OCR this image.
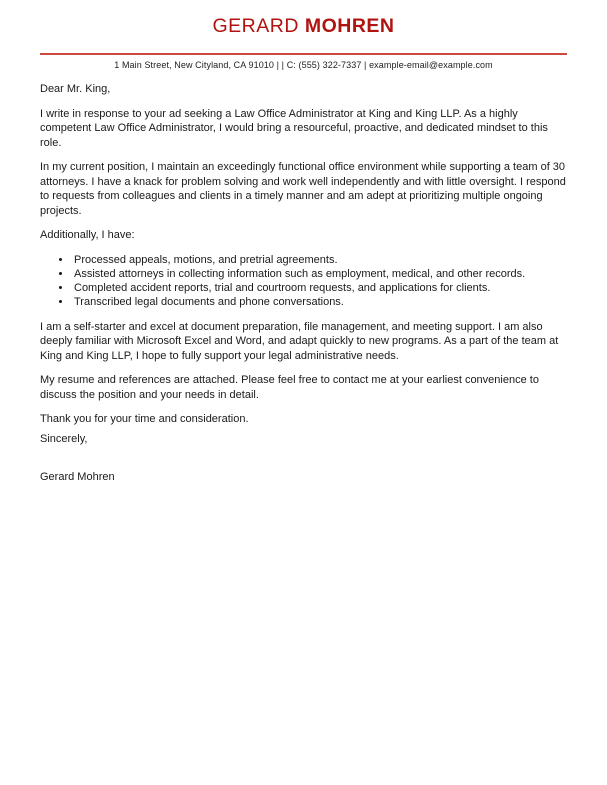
GERARD MOHREN

1 Main Street, New Cityland, CA 91010 | | C: (555) 322-7337 | example-email@example.com

Dear Mr. King,

I write in response to your ad seeking a Law Office Administrator at King and King LLP. As a highly competent Law Office Administrator, I would bring a resourceful, proactive, and dedicated mindset to this role.

In my current position, I maintain an exceedingly functional office environment while supporting a team of 30 attorneys. I have a knack for problem solving and work well independently and with little oversight. I respond to requests from colleagues and clients in a timely manner and am adept at prioritizing multiple ongoing projects.

Additionally, I have:

• Processed appeals, motions, and pretrial agreements.
• Assisted attorneys in collecting information such as employment, medical, and other records.
• Completed accident reports, trial and courtroom requests, and applications for clients.
• Transcribed legal documents and phone conversations.

I am a self-starter and excel at document preparation, file management, and meeting support. I am also deeply familiar with Microsoft Excel and Word, and adapt quickly to new programs. As a part of the team at King and King LLP, I hope to fully support your legal administrative needs.

My resume and references are attached. Please feel free to contact me at your earliest convenience to discuss the position and your needs in detail.

Thank you for your time and consideration.

Sincerely,

Gerard Mohren
